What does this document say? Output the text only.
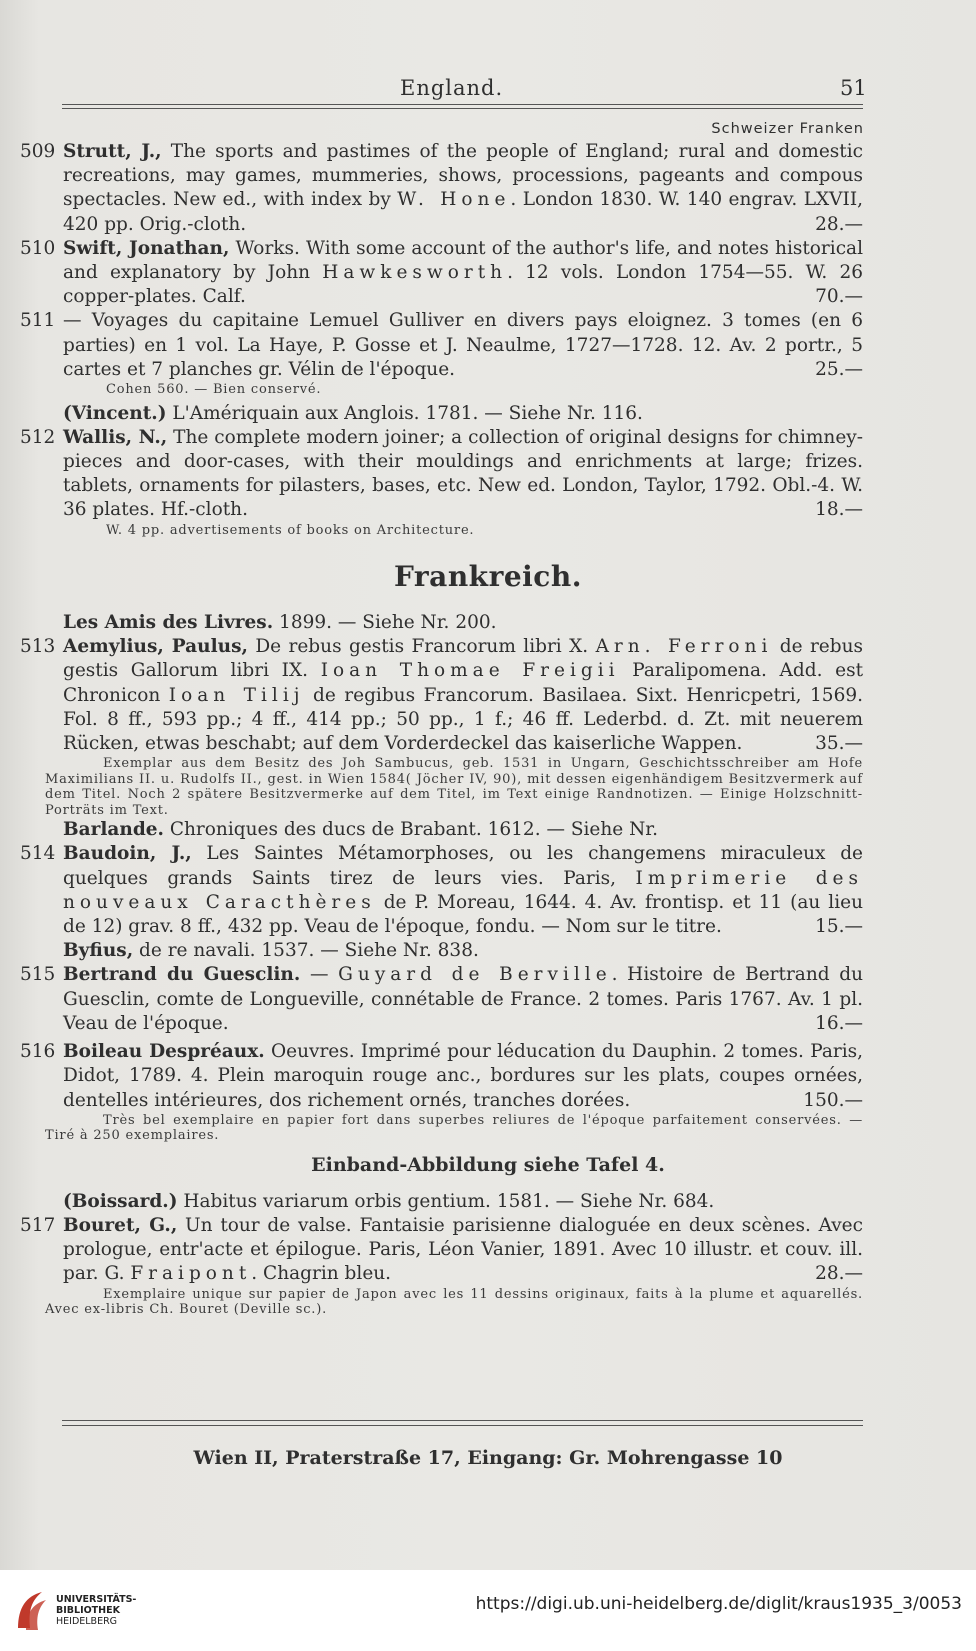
England.	51
Schweizer Franken
509 Strutt, J., The sports and pastimes of the people of England; rural and domestic recreations, may games, mummeries, shows, processions, pageants and compous spectacles. New ed., with index by W. Hone. London 1830. W. 140 engrav. LXVII, 420 pp. Orig.-cloth.	28.—
510 Swift, Jonathan, Works. With some account of the author's life, and notes historical and explanatory by John Hawkesworth. 12 vols. London 1754—55. W. 26 copper-plates. Calf.	70.—
511 — Voyages du capitaine Lemuel Gulliver en divers pays eloignez. 3 tomes (en 6 parties) en 1 vol. La Haye, P. Gosse et J. Neaulme, 1727—1728. 12. Av. 2 portr., 5 cartes et 7 planches gr. Vélin de l'époque.	25.—
Cohen 560. — Bien conservé.
(Vincent.) L'Amériquain aux Anglois. 1781. — Siehe Nr. 116.
512 Wallis, N., The complete modern joiner; a collection of original designs for chimney-pieces and door-cases, with their mouldings and enrichments at large; frizes. tablets, ornaments for pilasters, bases, etc. New ed. London, Taylor, 1792. Obl.-4. W. 36 plates. Hf.-cloth.	18.—
W. 4 pp. advertisements of books on Architecture.
Frankreich.
Les Amis des Livres. 1899. — Siehe Nr. 200.
513 Aemylius, Paulus, De rebus gestis Francorum libri X. Arn. Ferroni de rebus gestis Gallorum libri IX. Ioan Thomae Freigii Paralipomena. Add. est Chronicon Ioan Tilij de regibus Francorum. Basilaea. Sixt. Henricpetri, 1569. Fol. 8 ff., 593 pp.; 4 ff., 414 pp.; 50 pp., 1 f.; 46 ff. Lederbd. d. Zt. mit neuerem Rücken, etwas beschabt; auf dem Vorderdeckel das kaiserliche Wappen.	35.—
Exemplar aus dem Besitz des Joh Sambucus, geb. 1531 in Ungarn, Geschichtsschreiber am Hofe Maximilians II. u. Rudolfs II., gest. in Wien 1584( Jöcher IV, 90), mit dessen eigenhändigem Besitzvermerk auf dem Titel. Noch 2 spätere Besitzvermerke auf dem Titel, im Text einige Randnotizen. — Einige Holzschnitt-Porträts im Text.
Barlande. Chroniques des ducs de Brabant. 1612. — Siehe Nr.
514 Baudoin, J., Les Saintes Métamorphoses, ou les changemens miraculeux de quelques grands Saints tirez de leurs vies. Paris, Imprimerie des nouveaux Caracthères de P. Moreau, 1644. 4. Av. frontisp. et 11 (au lieu de 12) grav. 8 ff., 432 pp. Veau de l'époque, fondu. — Nom sur le titre.	15.—
Byfius, de re navali. 1537. — Siehe Nr. 838.
515 Bertrand du Guesclin. — Guyard de Berville. Histoire de Bertrand du Guesclin, comte de Longueville, connétable de France. 2 tomes. Paris 1767. Av. 1 pl. Veau de l'époque.	16.—
516 Boileau Despréaux. Oeuvres. Imprimé pour léducation du Dauphin. 2 tomes. Paris, Didot, 1789. 4. Plein maroquin rouge anc., bordures sur les plats, coupes ornées, dentelles intérieures, dos richement ornés, tranches dorées.	150.—
Très bel exemplaire en papier fort dans superbes reliures de l'époque parfaitement conservées. — Tiré à 250 exemplaires.
Einband-Abbildung siehe Tafel 4.
(Boissard.) Habitus variarum orbis gentium. 1581. — Siehe Nr. 684.
517 Bouret, G., Un tour de valse. Fantaisie parisienne dialoguée en deux scènes. Avec prologue, entr'acte et épilogue. Paris, Léon Vanier, 1891. Avec 10 illustr. et couv. ill. par. G. Fraipont. Chagrin bleu.	28.—
Exemplaire unique sur papier de Japon avec les 11 dessins originaux, faits à la plume et aquarellés. Avec ex-libris Ch. Bouret (Deville sc.).
Wien II, Praterstraße 17, Eingang: Gr. Mohrengasse 10
UNIVERSITÄTS-
BIBLIOTHEK
HEIDELBERG
https://digi.ub.uni-heidelberg.de/diglit/kraus1935_3/0053
